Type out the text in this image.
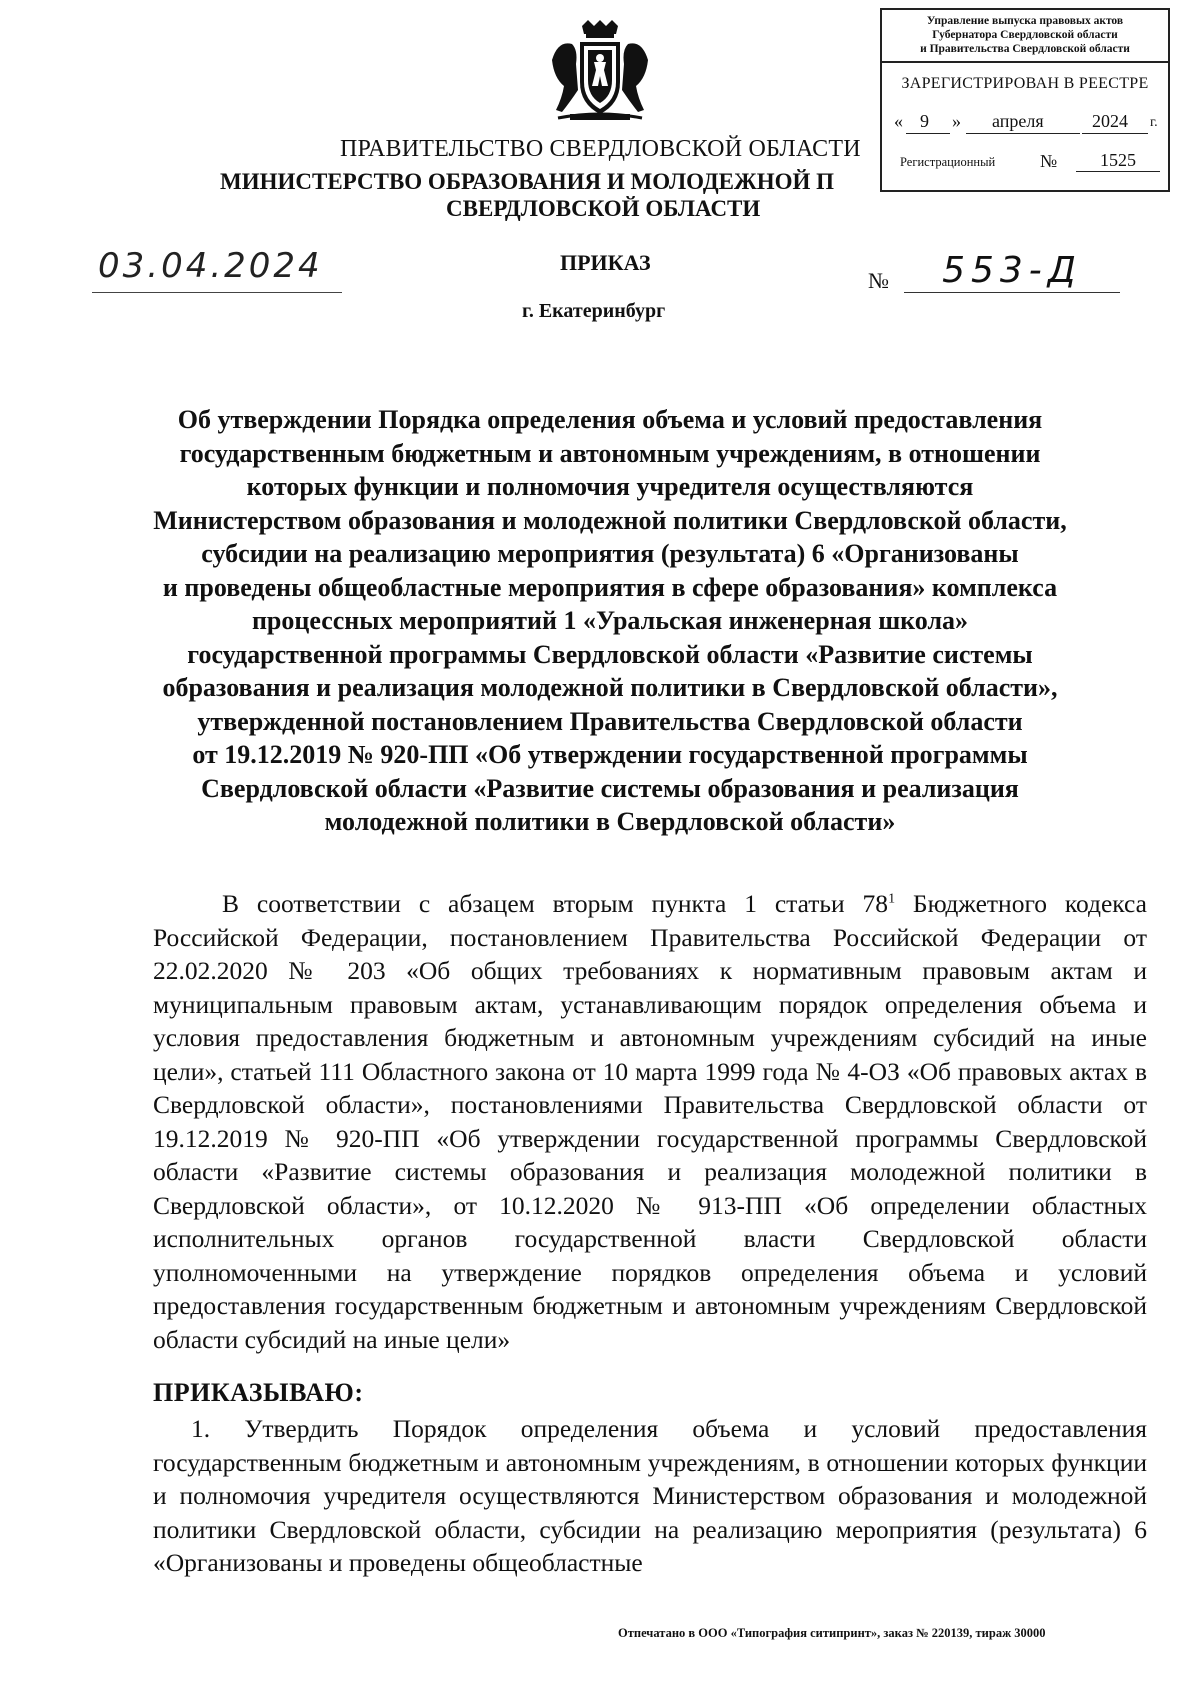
Управление выпуска правовых актов
Губернатора Свердловской области
и Правительства Свердловской области
ЗАРЕГИСТРИРОВАН В РЕЕСТРЕ
« 9 » апреля	2024 г.
Регистрационный №	1525
ПРАВИТЕЛЬСТВО СВЕРДЛОВСКОЙ ОБЛАСТИ
МИНИСТЕРСТВО ОБРАЗОВАНИЯ И МОЛОДЕЖНОЙ П
СВЕРДЛОВСКОЙ ОБЛАСТИ
03.04.2024	ПРИКАЗ
№	553-Д
г. Екатеринбург
Об утверждении Порядка определения объема и условий предоставления
государственным бюджетным и автономным учреждениям, в отношении
которых функции и полномочия учредителя осуществляются
Министерством образования и молодежной политики Свердловской области,
субсидии на реализацию мероприятия (результата) 6 «Организованы
и проведены общеобластные мероприятия в сфере образования» комплекса
процессных мероприятий 1 «Уральская инженерная школа»
государственной программы Свердловской области «Развитие системы
образования и реализация молодежной политики в Свердловской области»,
утвержденной постановлением Правительства Свердловской области
от 19.12.2019 № 920-ПП «Об утверждении государственной программы
Свердловской области «Развитие системы образования и реализация
молодежной политики в Свердловской области»
В соответствии с абзацем вторым пункта 1 статьи $78^1$ Бюджетного кодекса Российской Федерации, постановлением Правительства Российской Федерации от 22.02.2020 № 203 «Об общих требованиях к нормативным правовым актам и муниципальным правовым актам, устанавливающим порядок определения объема и условия предоставления бюджетным и автономным учреждениям субсидий на иные цели», статьей 111 Областного закона от 10 марта 1999 года № 4-ОЗ «Об правовых актах в Свердловской области», постановлениями Правительства Свердловской области от 19.12.2019 № 920-ПП «Об утверждении государственной программы Свердловской области «Развитие системы образования и реализация молодежной политики в Свердловской области», от 10.12.2020 № 913-ПП «Об определении областных исполнительных органов государственной власти Свердловской области уполномоченными на утверждение порядков определения объема и условий предоставления государственным бюджетным и автономным учреждениям Свердловской области субсидий на иные цели»
ПРИКАЗЫВАЮ:
1. Утвердить Порядок определения объема и условий предоставления государственным бюджетным и автономным учреждениям, в отношении которых функции и полномочия учредителя осуществляются Министерством образования и молодежной политики Свердловской области, субсидии на реализацию мероприятия (результата) 6 «Организованы и проведены общеобластные
Отпечатано в ООО «Типография ситипринт», заказ № 220139, тираж 30000
